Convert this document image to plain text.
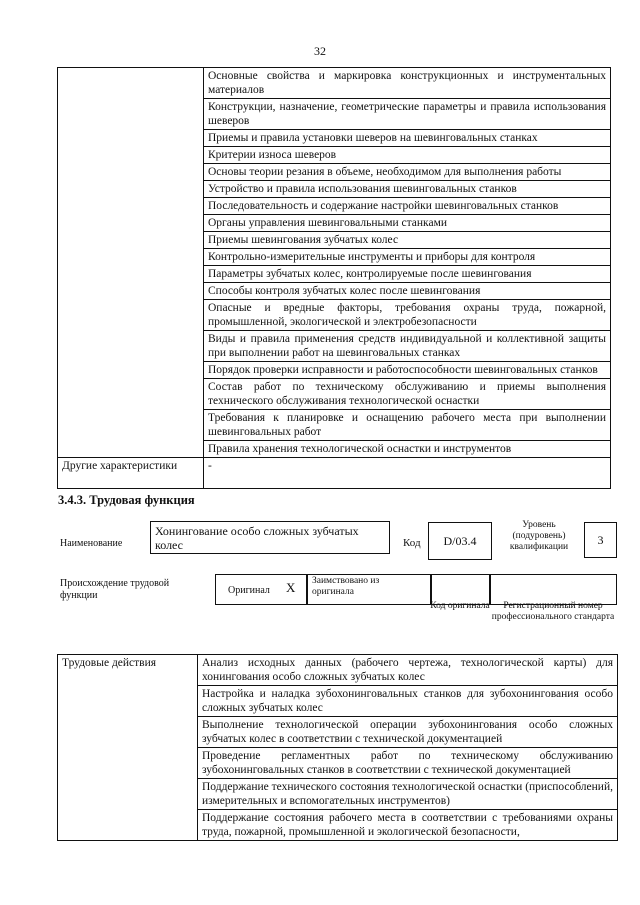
32
	Основные свойства и маркировка конструкционных и инструментальных материалов
	Конструкции, назначение, геометрические параметры и правила использования шеверов
	Приемы и правила установки шеверов на шевинговальных станках
	Критерии износа шеверов
	Основы теории резания в объеме, необходимом для выполнения работы
	Устройство и правила использования шевинговальных станков
	Последовательность и содержание настройки шевинговальных станков
	Органы управления шевинговальными станками
	Приемы шевингования зубчатых колес
	Контрольно-измерительные инструменты и приборы для контроля
	Параметры зубчатых колес, контролируемые после шевингования
	Способы контроля зубчатых колес после шевингования
	Опасные и вредные факторы, требования охраны труда, пожарной, промышленной, экологической и электробезопасности
	Виды и правила применения средств индивидуальной и коллективной защиты при выполнении работ на шевинговальных станках
	Порядок проверки исправности и работоспособности шевинговальных станков
	Состав работ по техническому обслуживанию и приемы выполнения технического обслуживания технологической оснастки
	Требования к планировке и оснащению рабочего места при выполнении шевинговальных работ
	Правила хранения технологической оснастки и инструментов
Другие характеристики	-
3.4.3. Трудовая функция
Наименование
Хонингование особо сложных зубчатых колес	Код D/03.4
Уровень (подуровень) квалификации	3
Происхождение трудовой функции	Оригинал X Заимствовано из оригинала
Код оригинала	Регистрационный номер профессионального стандарта
Трудовые действия	Анализ исходных данных (рабочего чертежа, технологической карты) для хонингования особо сложных зубчатых колес
Настройка и наладка зубохонинговальных станков для зубохонингования особо сложных зубчатых колес
Выполнение технологической операции зубохонингования особо сложных зубчатых колес в соответствии с технической документацией
Проведение регламентных работ по техническому обслуживанию зубохонинговальных станков в соответствии с технической документацией
Поддержание технического состояния технологической оснастки (приспособлений, измерительных и вспомогательных инструментов)
Поддержание состояния рабочего места в соответствии с требованиями охраны труда, пожарной, промышленной и экологической безопасности,
